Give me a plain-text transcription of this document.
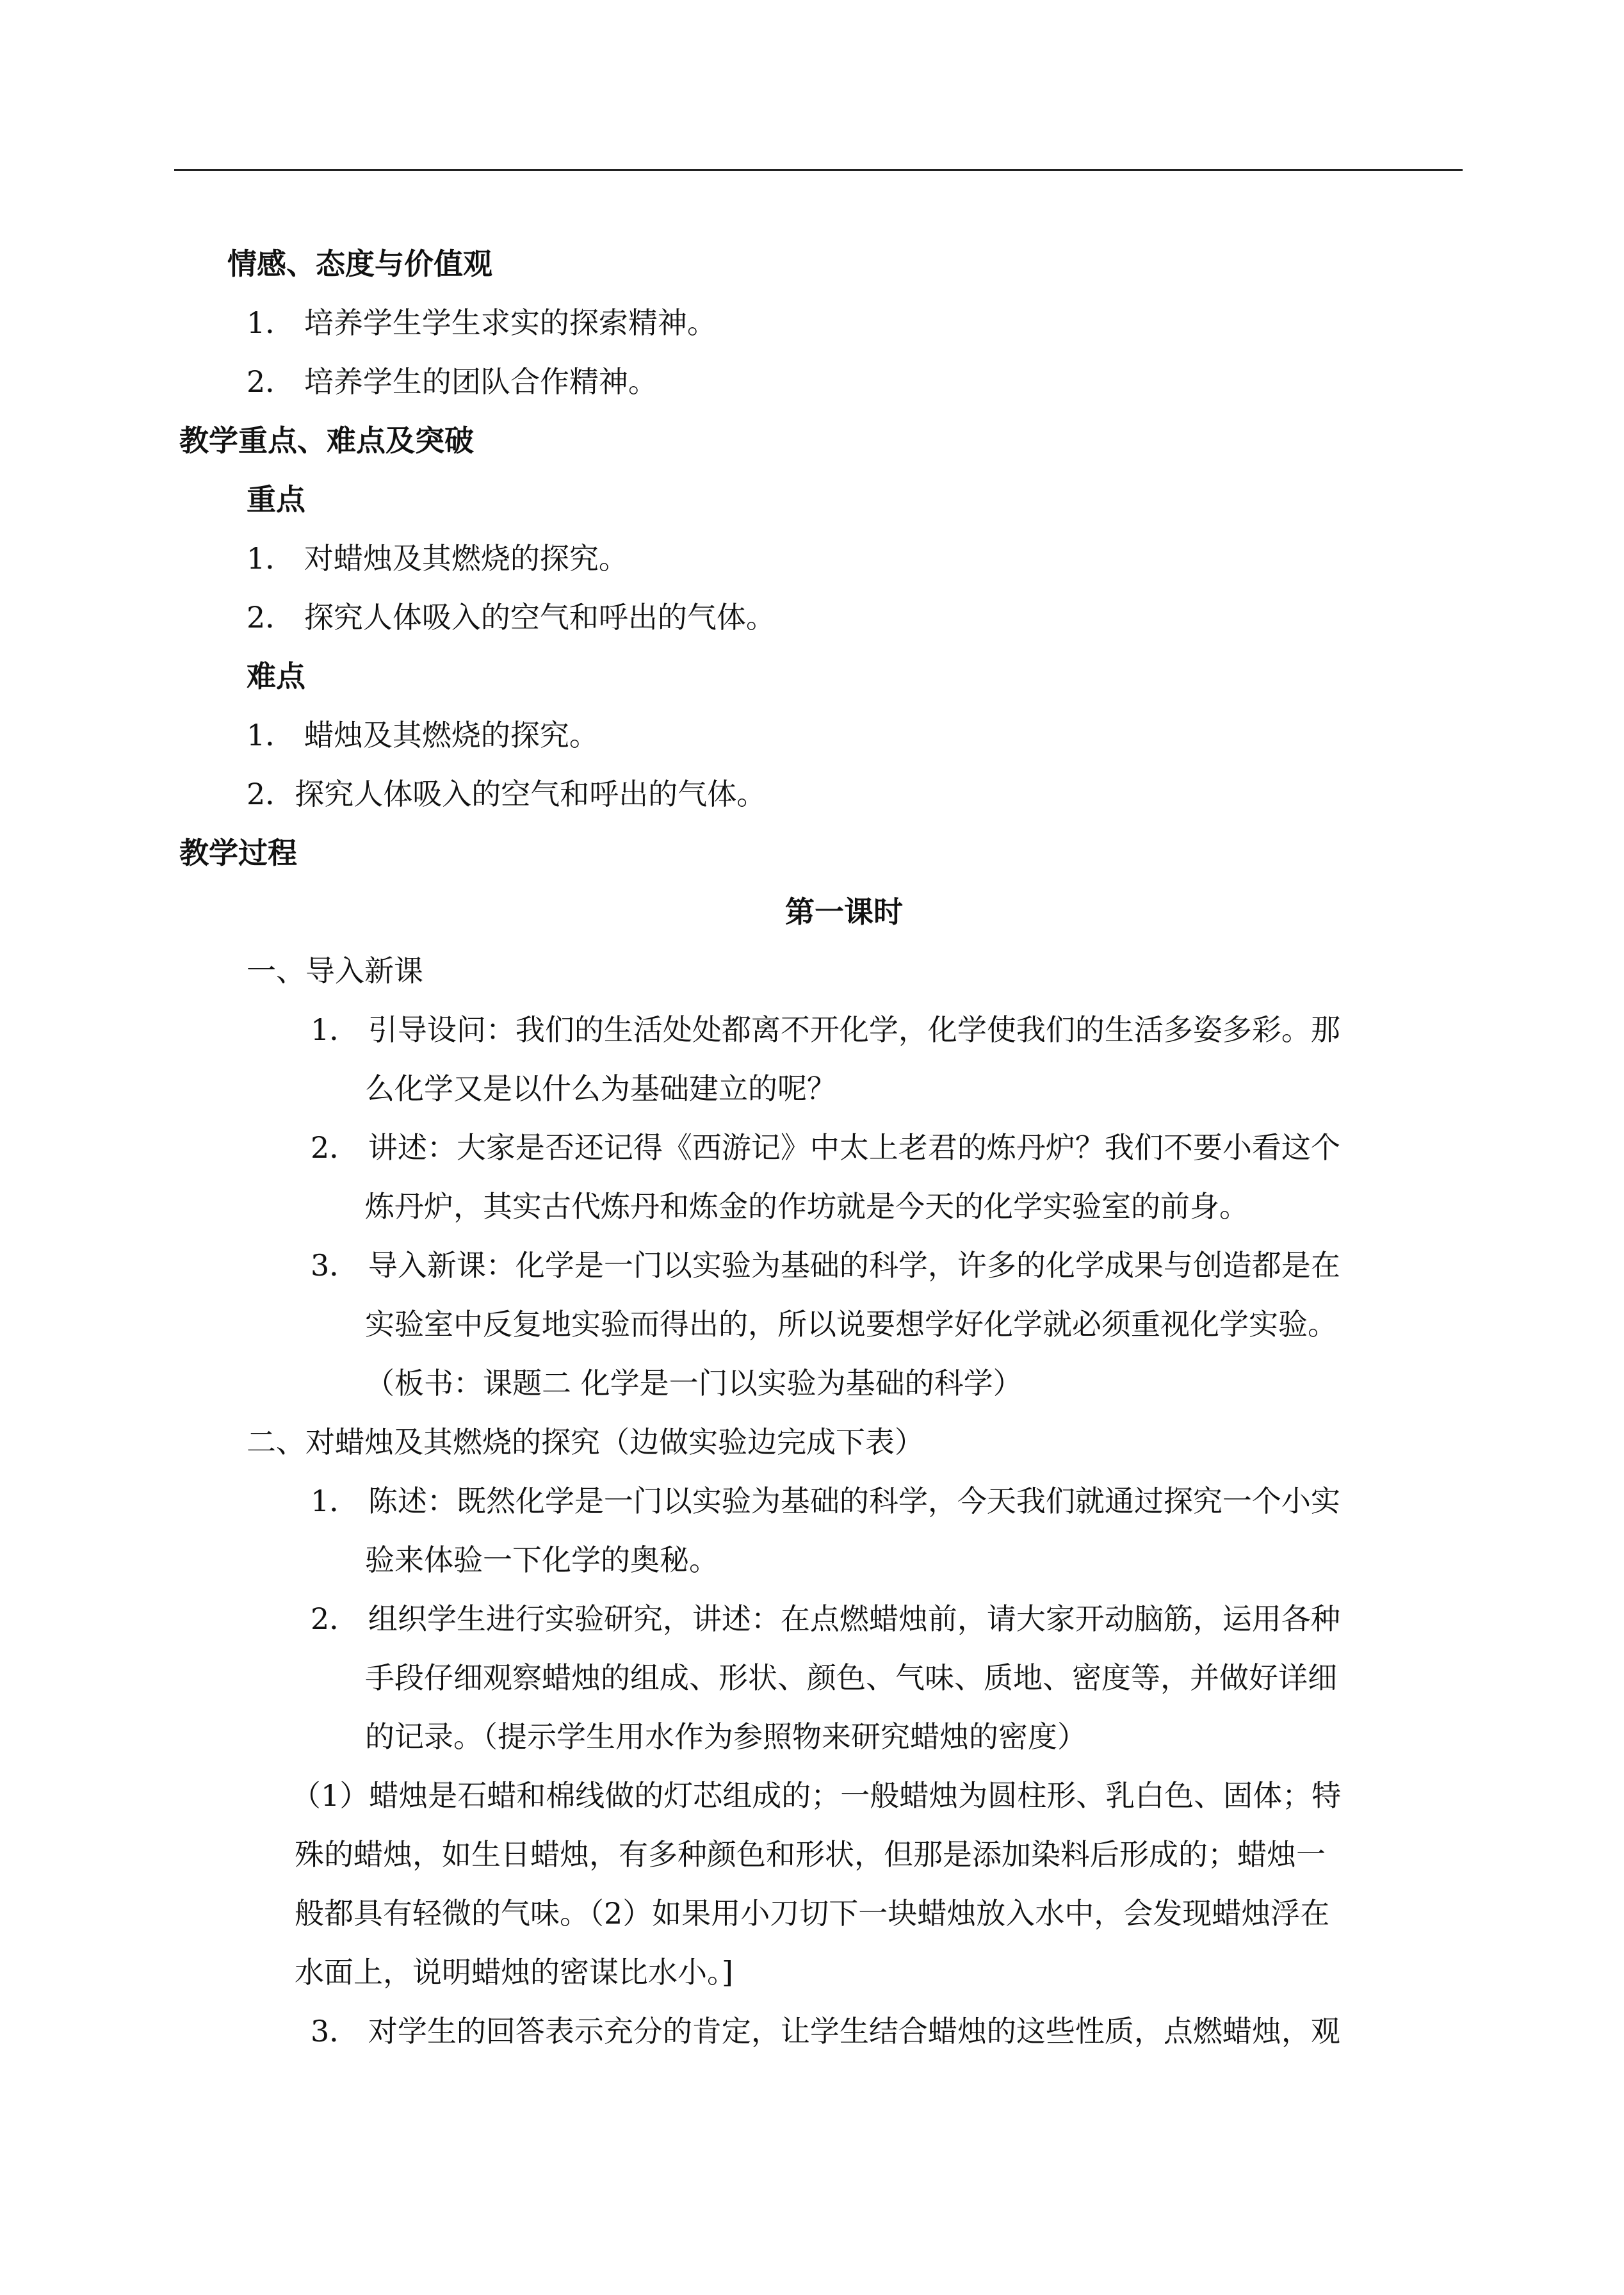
情感、态度与价值观
1． 培养学生学生求实的探索精神。
2． 培养学生的团队合作精神。
教学重点、难点及突破
重点
1． 对蜡烛及其燃烧的探究。
2． 探究人体吸入的空气和呼出的气体。
难点
1． 蜡烛及其燃烧的探究。
2．探究人体吸入的空气和呼出的气体。
教学过程
第一课时
一、导入新课
1． 引导设问：我们的生活处处都离不开化学，化学使我们的生活多姿多彩。那
么化学又是以什么为基础建立的呢？
2． 讲述：大家是否还记得《西游记》中太上老君的炼丹炉？我们不要小看这个
炼丹炉，其实古代炼丹和炼金的作坊就是今天的化学实验室的前身。
3． 导入新课：化学是一门以实验为基础的科学，许多的化学成果与创造都是在
实验室中反复地实验而得出的，所以说要想学好化学就必须重视化学实验。
（板书：课题二 化学是一门以实验为基础的科学）
二、对蜡烛及其燃烧的探究（边做实验边完成下表）
1． 陈述：既然化学是一门以实验为基础的科学，今天我们就通过探究一个小实
验来体验一下化学的奥秘。
2． 组织学生进行实验研究，讲述：在点燃蜡烛前，请大家开动脑筋，运用各种
手段仔细观察蜡烛的组成、形状、颜色、气味、质地、密度等，并做好详细
的记录。（提示学生用水作为参照物来研究蜡烛的密度）
（1）蜡烛是石蜡和棉线做的灯芯组成的；一般蜡烛为圆柱形、乳白色、固体；特
殊的蜡烛，如生日蜡烛，有多种颜色和形状，但那是添加染料后形成的；蜡烛一
般都具有轻微的气味。（2）如果用小刀切下一块蜡烛放入水中，会发现蜡烛浮在
水面上，说明蜡烛的密谋比水小。]
3． 对学生的回答表示充分的肯定，让学生结合蜡烛的这些性质，点燃蜡烛，观
